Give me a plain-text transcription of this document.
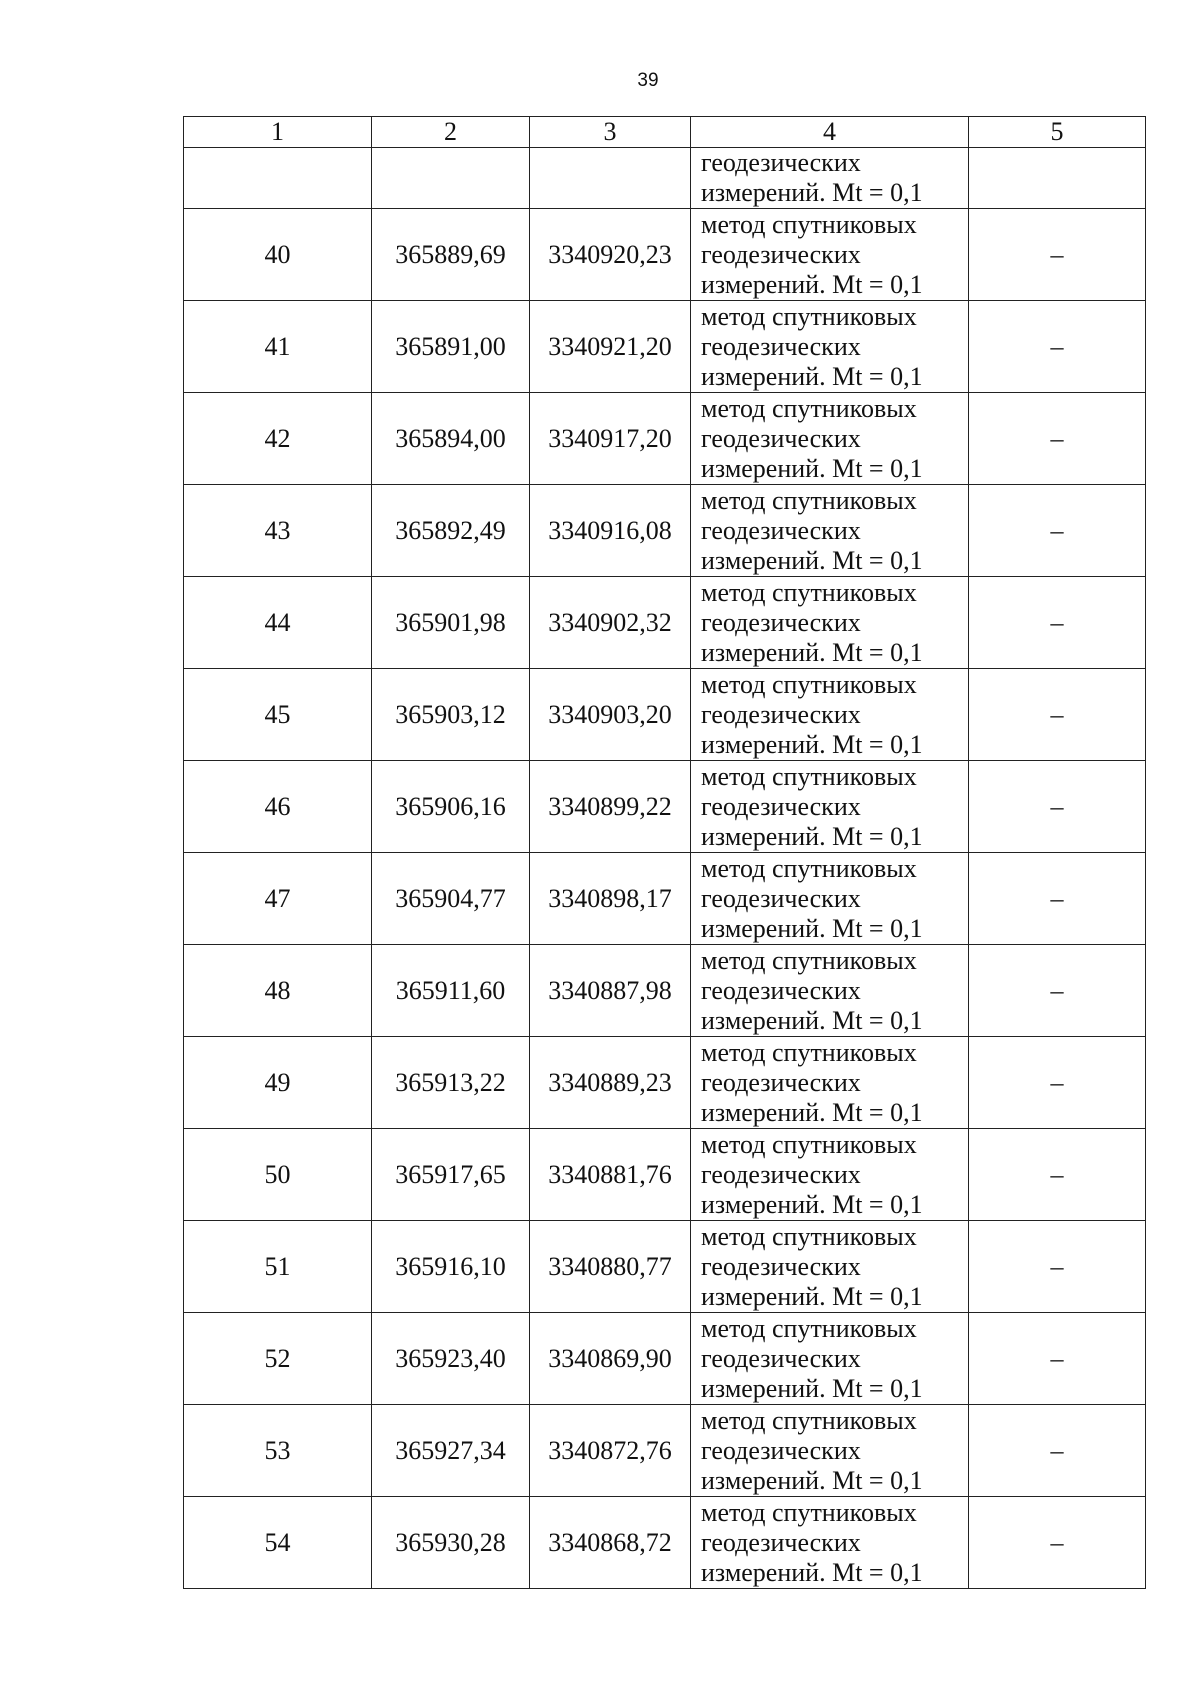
39
1	2	3	4	5
			геодезических
измерений. Mt = 0,1	
40	365889,69	3340920,23	метод спутниковых
геодезических
измерений. Mt = 0,1	–
41	365891,00	3340921,20	метод спутниковых
геодезических
измерений. Mt = 0,1	–
42	365894,00	3340917,20	метод спутниковых
геодезических
измерений. Mt = 0,1	–
43	365892,49	3340916,08	метод спутниковых
геодезических
измерений. Mt = 0,1	–
44	365901,98	3340902,32	метод спутниковых
геодезических
измерений. Mt = 0,1	–
45	365903,12	3340903,20	метод спутниковых
геодезических
измерений. Mt = 0,1	–
46	365906,16	3340899,22	метод спутниковых
геодезических
измерений. Mt = 0,1	–
47	365904,77	3340898,17	метод спутниковых
геодезических
измерений. Mt = 0,1	–
48	365911,60	3340887,98	метод спутниковых
геодезических
измерений. Mt = 0,1	–
49	365913,22	3340889,23	метод спутниковых
геодезических
измерений. Mt = 0,1	–
50	365917,65	3340881,76	метод спутниковых
геодезических
измерений. Mt = 0,1	–
51	365916,10	3340880,77	метод спутниковых
геодезических
измерений. Mt = 0,1	–
52	365923,40	3340869,90	метод спутниковых
геодезических
измерений. Mt = 0,1	–
53	365927,34	3340872,76	метод спутниковых
геодезических
измерений. Mt = 0,1	–
54	365930,28	3340868,72	метод спутниковых
геодезических
измерений. Mt = 0,1	–
